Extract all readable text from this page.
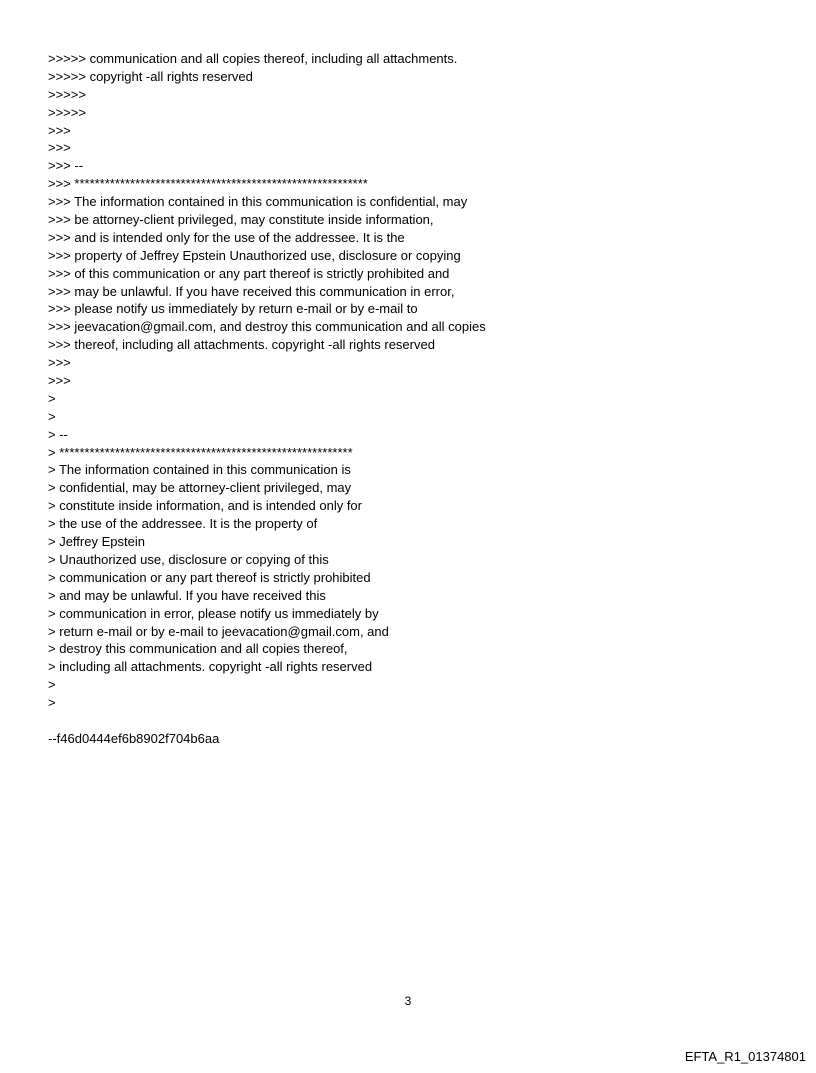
>>>>> communication and all copies thereof, including all attachments.
>>>>> copyright -all rights reserved
>>>>>
>>>>>
>>>
>>>
>>> --
>>> **********************************************************
>>> The information contained in this communication is confidential, may
>>> be attorney-client privileged, may constitute inside information,
>>> and is intended only for the use of the addressee. It is the
>>> property of Jeffrey Epstein Unauthorized use, disclosure or copying
>>> of this communication or any part thereof is strictly prohibited and
>>> may be unlawful. If you have received this communication in error,
>>> please notify us immediately by return e-mail or by e-mail to
>>> jeevacation@gmail.com, and destroy this communication and all copies
>>> thereof, including all attachments. copyright -all rights reserved
>>>
>>>
>
>
> --
> **********************************************************
> The information contained in this communication is
> confidential, may be attorney-client privileged, may
> constitute inside information, and is intended only for
> the use of the addressee. It is the property of
> Jeffrey Epstein
> Unauthorized use, disclosure or copying of this
> communication or any part thereof is strictly prohibited
> and may be unlawful. If you have received this
> communication in error, please notify us immediately by
> return e-mail or by e-mail to jeevacation@gmail.com, and
> destroy this communication and all copies thereof,
> including all attachments. copyright -all rights reserved
>
>
--f46d0444ef6b8902f704b6aa
3
EFTA_R1_01374801
